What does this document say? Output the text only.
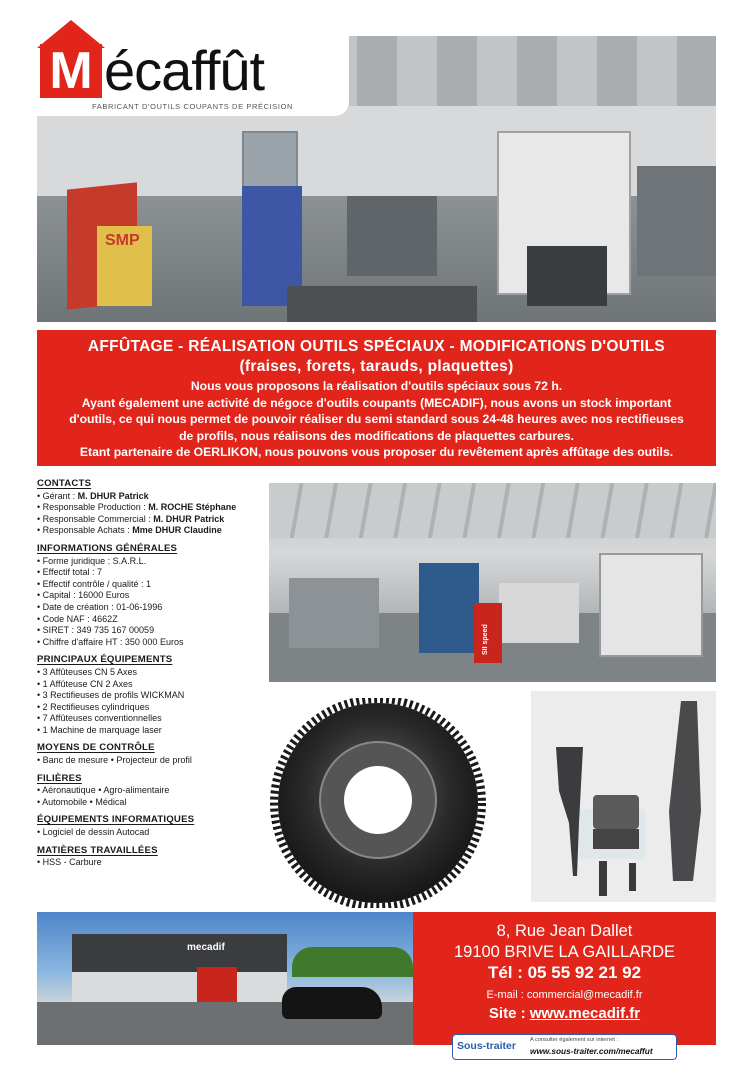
SMP
M écaffût
FABRICANT D'OUTILS COUPANTS DE PRÉCISION
AFFÛTAGE - RÉALISATION OUTILS SPÉCIAUX - MODIFICATIONS D'OUTILS
(fraises, forets, tarauds, plaquettes)
Nous vous proposons la réalisation d'outils spéciaux sous 72 h.
Ayant également une activité de négoce d'outils coupants (MECADIF), nous avons un stock important
d'outils, ce qui nous permet de pouvoir réaliser du semi standard sous 24-48 heures avec nos rectifieuses
de profils, nous réalisons des modifications de plaquettes carbures.
Etant partenaire de OERLIKON, nous pouvons vous proposer du revêtement après affûtage des outils.
CONTACTS
• Gérant : M. DHUR Patrick
• Responsable Production : M. ROCHE Stéphane
• Responsable Commercial : M. DHUR Patrick
• Responsable Achats : Mme DHUR Claudine
INFORMATIONS GÉNÉRALES
• Forme juridique : S.A.R.L.
• Effectif total : 7
• Effectif contrôle / qualité : 1
• Capital : 16000 Euros
• Date de création : 01-06-1996
• Code NAF : 4662Z
• SIRET : 349 735 167 00059
• Chiffre d'affaire HT : 350 000 Euros
PRINCIPAUX ÉQUIPEMENTS
• 3 Affûteuses CN 5 Axes
• 1 Affûteuse CN 2 Axes
• 3 Rectifieuses de profils WICKMAN
• 2 Rectifieuses cylindriques
• 7 Affûteuses conventionnelles
• 1 Machine de marquage laser
MOYENS DE CONTRÔLE
• Banc de mesure • Projecteur de profil
FILIÈRES
• Aéronautique • Agro-alimentaire
• Automobile • Médical
ÉQUIPEMENTS INFORMATIQUES
• Logiciel de dessin Autocad
MATIÈRES TRAVAILLÉES
• HSS - Carbure
SII speed
mecadif
8, Rue Jean Dallet
19100 BRIVE LA GAILLARDE
Tél : 05 55 92 21 92
E-mail : commercial@mecadif.fr
Site : www.mecadif.fr
Sous-traiter	A consulter également sur internet :
www.sous-traiter.com/mecaffut
